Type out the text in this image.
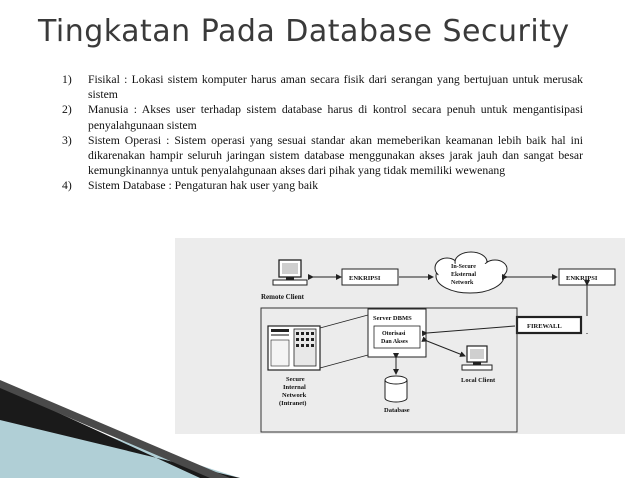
Tingkatan Pada Database Security
1) Fisikal : Lokasi sistem komputer harus aman secara fisik dari serangan yang bertujuan untuk merusak sistem
2) Manusia : Akses user terhadap sistem database harus di kontrol secara penuh untuk mengantisipasi penyalahgunaan sistem
3) Sistem Operasi : Sistem operasi yang sesuai standar akan memeberikan keamanan lebih baik hal ini dikarenakan hampir seluruh jaringan sistem database menggunakan akses jarak jauh dan sangat besar kemungkinannya untuk penyalahgunaan akses dari pihak yang tidak memiliki wewenang
4) Sistem Database : Pengaturan hak user yang baik
Remote Client
ENKRIPSI
In-Secure
Eksternal
Network
ENKRIPSI
FIREWALL
Server DBMS
Otorisasi
Dan Akses
Database
Local Client
Secure
Internal
Network
(Intranet)
